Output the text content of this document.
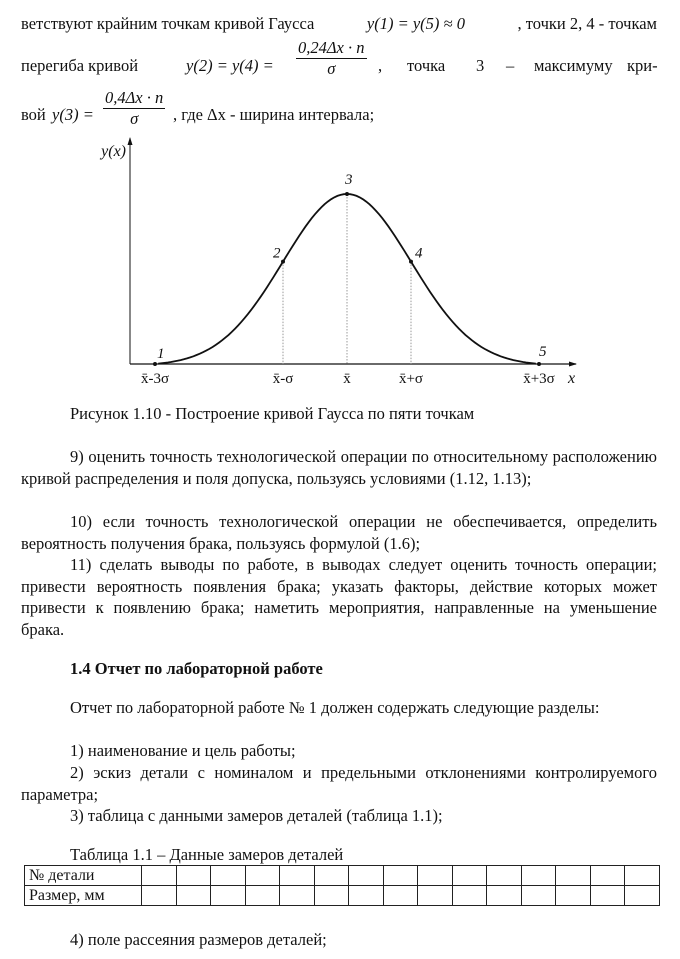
ветствуют крайним точкам кривой Гаусса	y(1) = y(5) ≈ 0	, точки 2, 4 - точкам
перегиба кривой	$y(2) = y(4) = \frac{0,24\Delta x \cdot n}{\sigma}$ , точка 3 – максимуму кри-
вой $y(3) = \frac{0,4\Delta x \cdot n}{\sigma}$ , где Δx - ширина интервала;
y(x)
x
1
2
3
4
5
x̄-3σ	x̄-σ	x̄	x̄+σ	x̄+3σ
Рисунок 1.10 - Построение кривой Гаусса по пяти точкам
9) оценить точность технологической операции по относительному расположению кривой распределения и поля допуска, пользуясь условиями (1.12, 1.13);
10) если точность технологической операции не обеспечивается, определить вероятность получения брака, пользуясь формулой (1.6);
11) сделать выводы по работе, в выводах следует оценить точность операции; привести вероятность появления брака; указать факторы, действие которых может привести к появлению брака; наметить мероприятия, направленные на уменьшение брака.
1.4 Отчет по лабораторной работе
Отчет по лабораторной работе № 1 должен содержать следующие разделы:
1) наименование и цель работы;
2) эскиз детали с номиналом и предельными отклонениями контролируемого параметра;
3) таблица с данными замеров деталей (таблица 1.1);
Таблица 1.1 – Данные замеров деталей
№ детали															
Размер, мм															
4) поле рассеяния размеров деталей;
